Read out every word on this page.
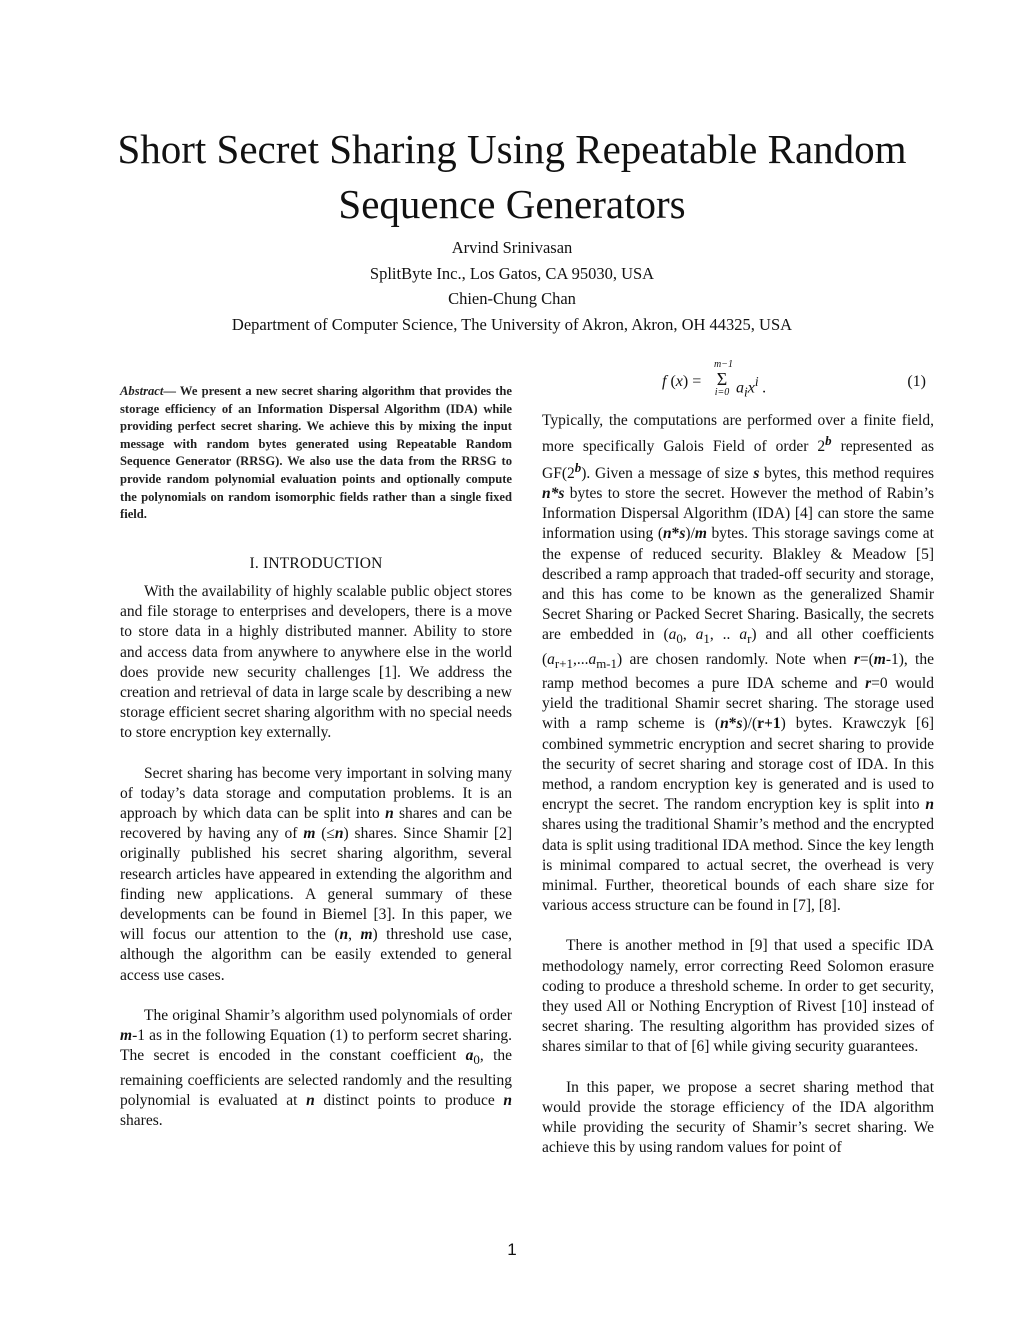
Short Secret Sharing Using Repeatable Random
Sequence Generators
Arvind Srinivasan
SplitByte Inc., Los Gatos, CA 95030, USA
Chien-Chung Chan
Department of Computer Science, The University of Akron, Akron, OH 44325, USA
Abstract— We present a new secret sharing algorithm that provides the storage efficiency of an Information Dispersal Algorithm (IDA) while providing perfect secret sharing. We achieve this by mixing the input message with random bytes generated using Repeatable Random Sequence Generator (RRSG). We also use the data from the RRSG to provide random polynomial evaluation points and optionally compute the polynomials on random isomorphic fields rather than a single fixed field.
I. INTRODUCTION

With the availability of highly scalable public object stores and file storage to enterprises and developers, there is a move to store data in a highly distributed manner. Ability to store and access data from anywhere to anywhere else in the world does provide new security challenges [1]. We address the creation and retrieval of data in large scale by describing a new storage efficient secret sharing algorithm with no special needs to store encryption key externally.

Secret sharing has become very important in solving many of today’s data storage and computation problems. It is an approach by which data can be split into n shares and can be recovered by having any of m (≤n) shares. Since Shamir [2] originally published his secret sharing algorithm, several research articles have appeared in extending the algorithm and finding new applications. A general summary of these developments can be found in Biemel [3]. In this paper, we will focus our attention to the (n, m) threshold use case, although the algorithm can be easily extended to general access use cases.

The original Shamir’s algorithm used polynomials of order m-1 as in the following Equation (1) to perform secret sharing. The secret is encoded in the constant coefficient $a_0$, the remaining coefficients are selected randomly and the resulting polynomial is evaluated at n distinct points to produce n shares.

f (x) =
m−1
Σ
i=0 $a_ix^i$ .	(1)

Typically, the computations are performed over a finite field, more specifically Galois Field of order 2$^b$ represented as GF(2$^b$). Given a message of size s bytes, this method requires n*s bytes to store the secret. However the method of Rabin’s Information Dispersal Algorithm (IDA) [4] can store the same information using (n*s)/m bytes. This storage savings come at the expense of reduced security. Blakley & Meadow [5] described a ramp approach that traded-off security and storage, and this has come to be known as the generalized Shamir Secret Sharing or Packed Secret Sharing. Basically, the secrets are embedded in ($a_0$, $a_1$, .. $a_r$) and all other coefficients $(a_{r+1},...a_{m-1})$ are chosen randomly. Note when r=(m-1), the ramp method becomes a pure IDA scheme and r=0 would yield the traditional Shamir secret sharing. The storage used with a ramp scheme is (n*s)/(r+1) bytes. Krawczyk [6] combined symmetric encryption and secret sharing to provide the security of secret sharing and storage cost of IDA. In this method, a random encryption key is generated and is used to encrypt the secret. The random encryption key is split into n shares using the traditional Shamir’s method and the encrypted data is split using traditional IDA method. Since the key length is minimal compared to actual secret, the overhead is very minimal. Further, theoretical bounds of each share size for various access structure can be found in [7], [8].

There is another method in [9] that used a specific IDA methodology namely, error correcting Reed Solomon erasure coding to produce a threshold scheme. In order to get security, they used All or Nothing Encryption of Rivest [10] instead of secret sharing. The resulting algorithm has provided sizes of shares similar to that of [6] while giving security guarantees.

In this paper, we propose a secret sharing method that would provide the storage efficiency of the IDA algorithm while providing the security of Shamir’s secret sharing. We achieve this by using random values for point of

1
